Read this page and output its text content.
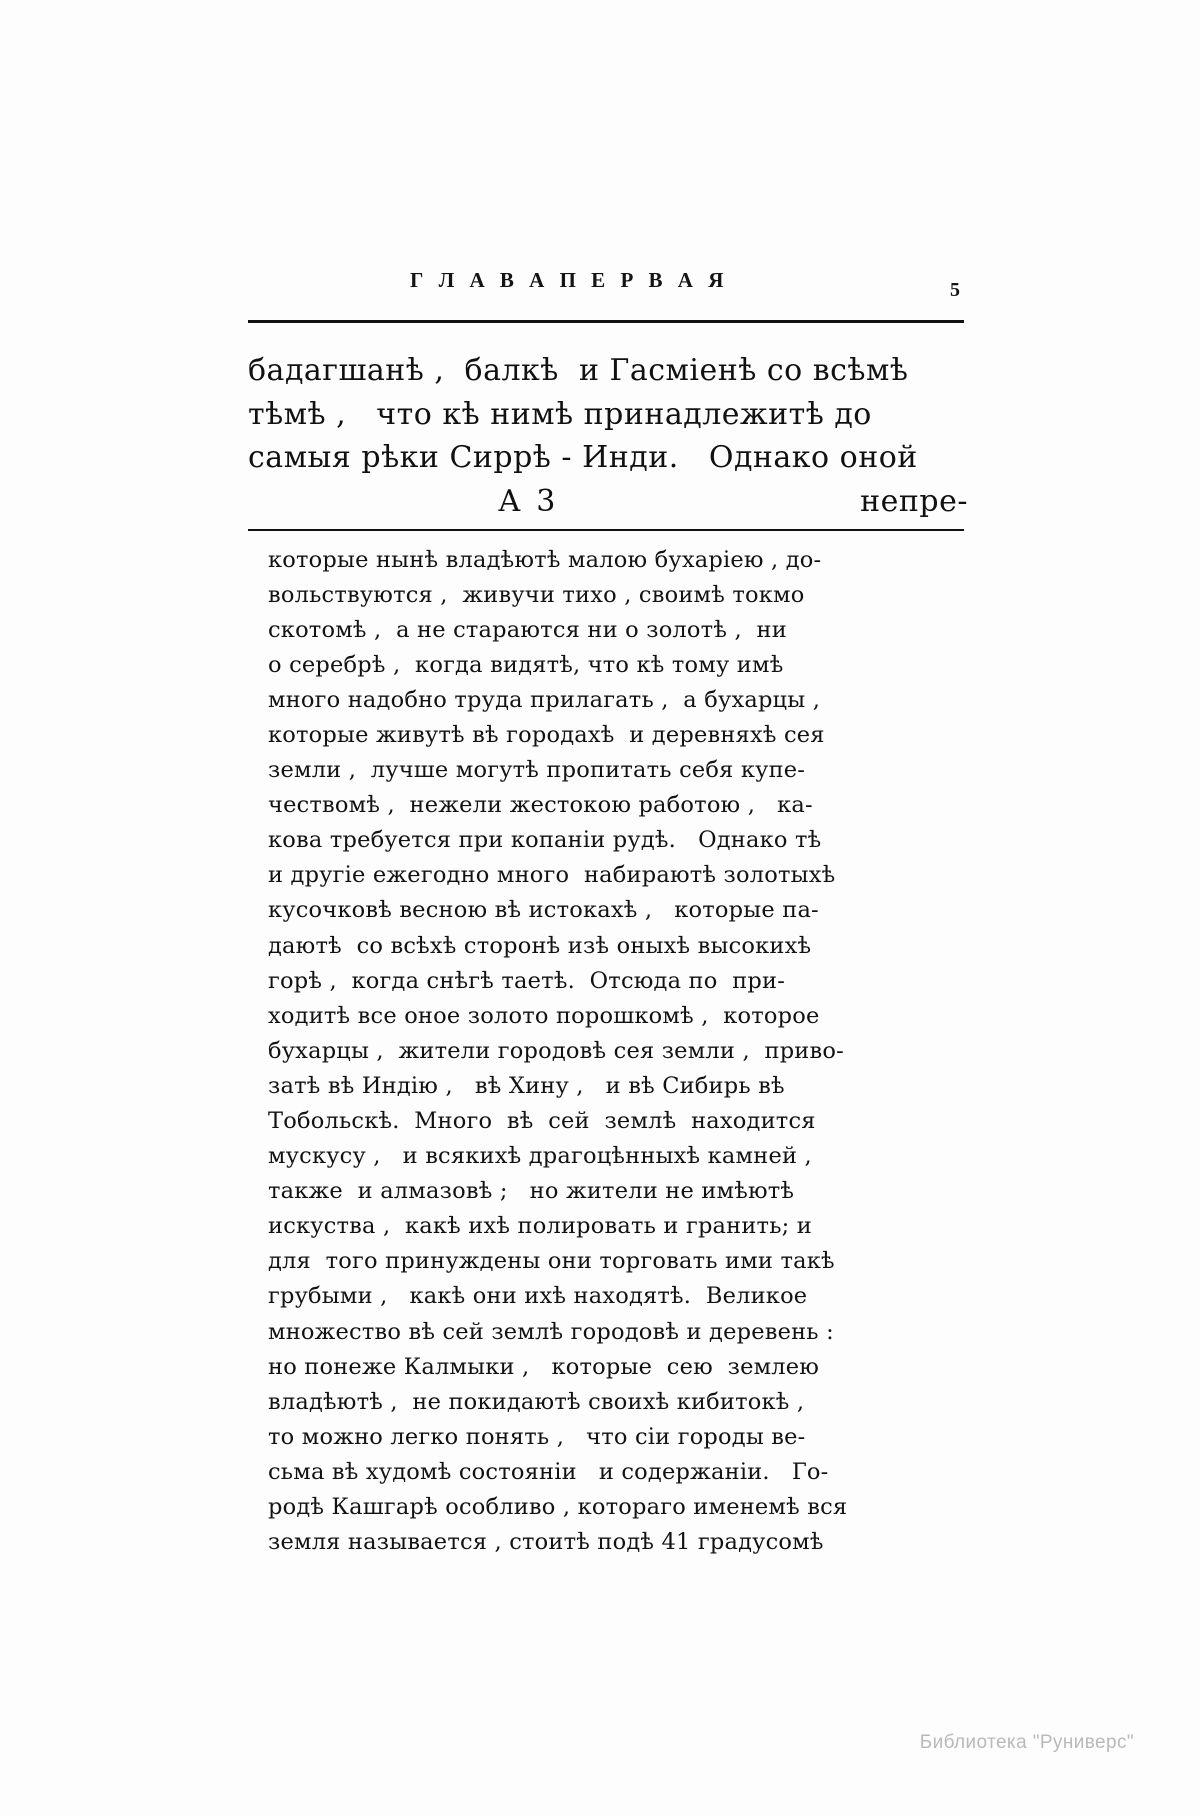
Г Л А В А П Е Р В А Я	5
бадагшанѣ ,  балкѣ  и Гасміенѣ со всѣмѣ
тѣмѣ ,   что кѣ нимѣ принадлежитѣ до
самыя рѣки Сиррѣ - Инди.   Однако оной
А 3	непре-
которые нынѣ владѣютѣ малою бухаріею , до-
вольствуются ,  живучи тихо , своимѣ токмо
скотомѣ ,  а не стараются ни о золотѣ ,  ни
о серебрѣ ,  когда видятѣ, что кѣ тому имѣ
много надобно труда прилагать ,  а бухарцы ,
которые живутѣ вѣ городахѣ  и деревняхѣ сея
земли ,  лучше могутѣ пропитать себя купе-
чествомѣ ,  нежели жестокою работою ,   ка-
кова требуется при копаніи рудѣ.   Однако тѣ
и другіе ежегодно много  набираютѣ золотыхѣ
кусочковѣ весною вѣ истокахѣ ,   которые па-
даютѣ  со всѣхѣ сторонѣ изѣ оныхѣ высокихѣ
горѣ ,  когда снѣгѣ таетѣ.  Отсюда по  при-
ходитѣ все оное золото порошкомѣ ,  которое
бухарцы ,  жители городовѣ сея земли ,  приво-
затѣ вѣ Индію ,   вѣ Хину ,   и вѣ Сибирь вѣ
Тобольскѣ.  Много  вѣ  сей  землѣ  находится
мускусу ,   и всякихѣ драгоцѣнныхѣ камней ,
также  и алмазовѣ ;   но жители не имѣютѣ
искуства ,  какѣ ихѣ полировать и гранить; и
для  того принуждены они торговать ими такѣ
грубыми ,   какѣ они ихѣ находятѣ.  Великое
множество вѣ сей землѣ городовѣ и деревень :
но понеже Калмыки ,   которые  сею  землею
владѣютѣ ,  не покидаютѣ своихѣ кибитокѣ ,
то можно легко понять ,   что сіи городы ве-
сьма вѣ худомѣ состояніи   и содержаніи.   Го-
родѣ Кашгарѣ особливо , котораго именемѣ вся
земля называется , стоитѣ подѣ 41 градусомѣ
Библиотека "Руниверс"
